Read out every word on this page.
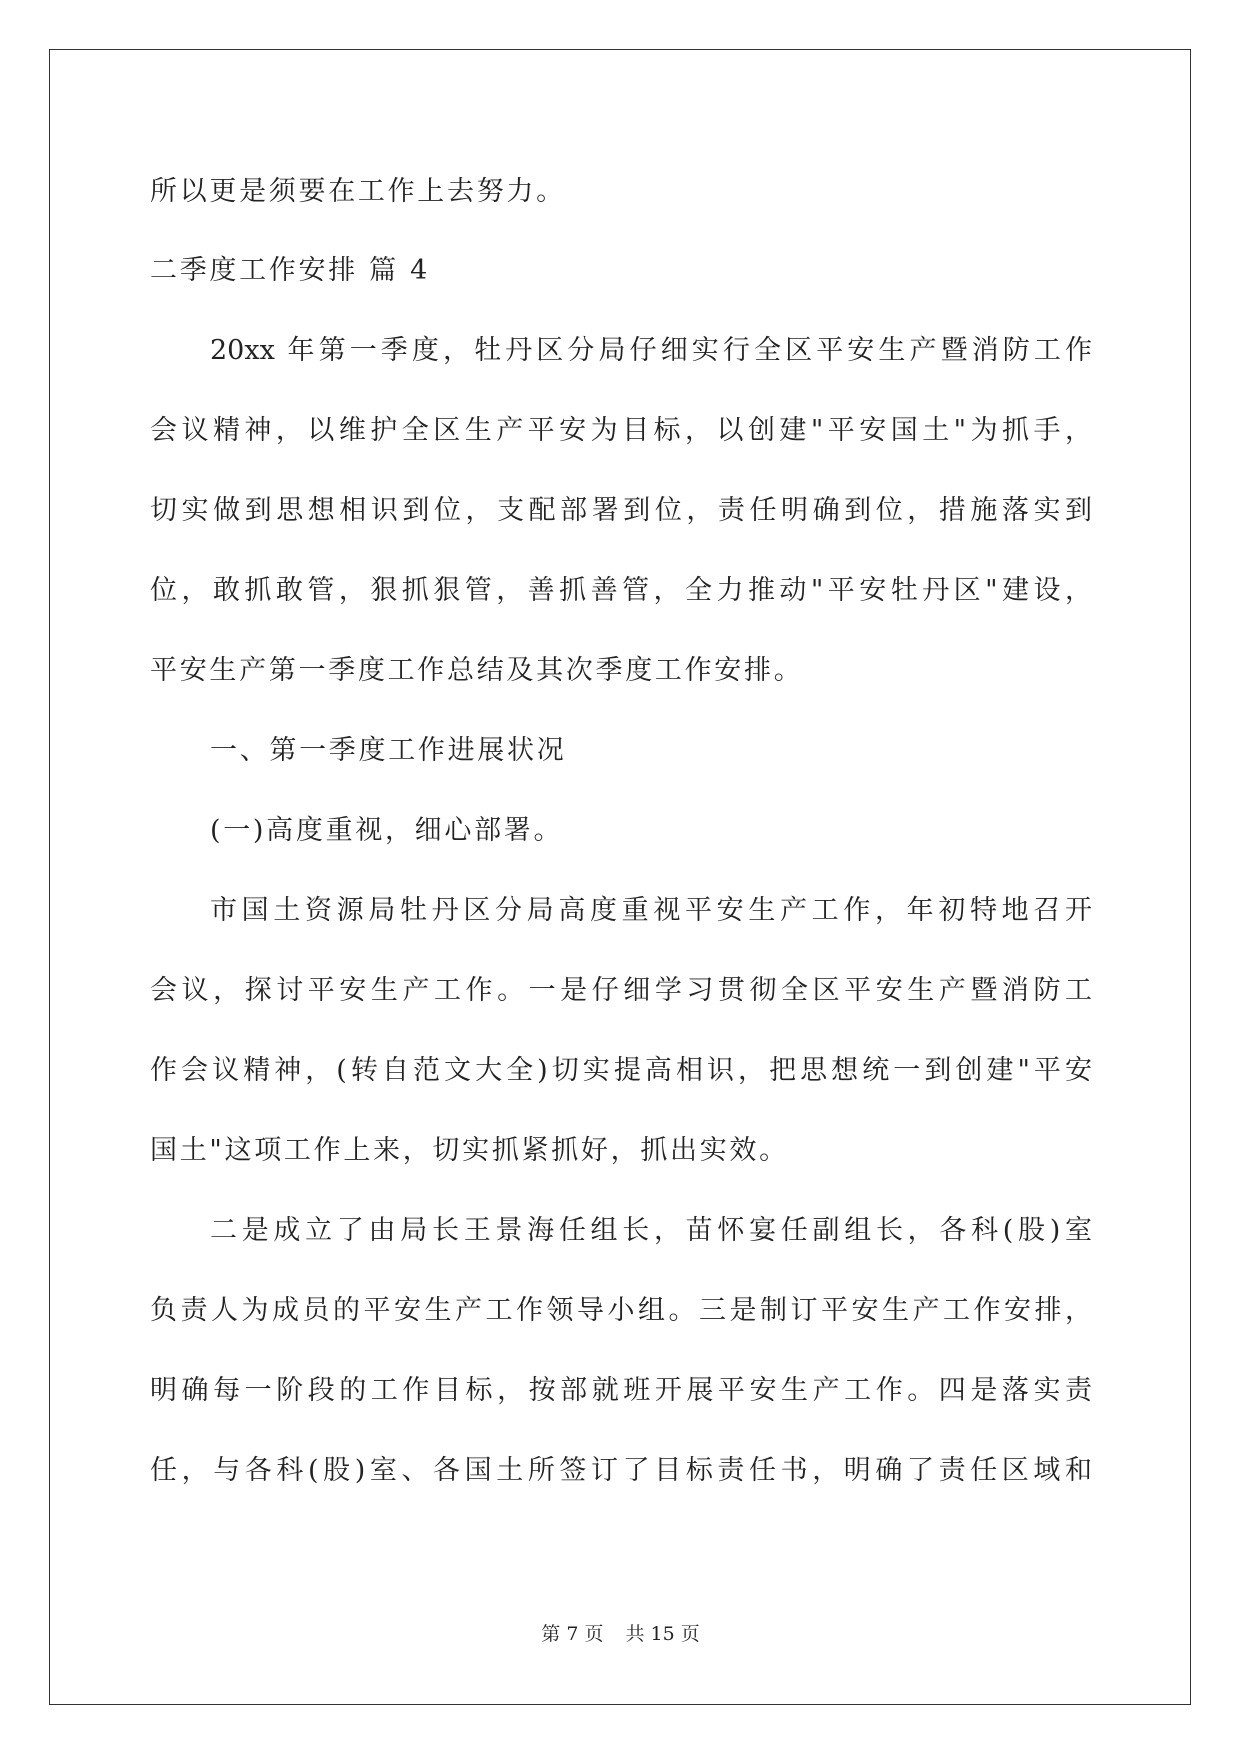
所以更是须要在工作上去努力。
二季度工作安排 篇 4
20xx 年第一季度，牡丹区分局仔细实行全区平安生产暨消防工作
会议精神，以维护全区生产平安为目标，以创建"平安国土"为抓手，
切实做到思想相识到位，支配部署到位，责任明确到位，措施落实到
位，敢抓敢管，狠抓狠管，善抓善管，全力推动"平安牡丹区"建设，
平安生产第一季度工作总结及其次季度工作安排。
一、第一季度工作进展状况
(一)高度重视，细心部署。
市国土资源局牡丹区分局高度重视平安生产工作，年初特地召开
会议，探讨平安生产工作。一是仔细学习贯彻全区平安生产暨消防工
作会议精神，(转自范文大全)切实提高相识，把思想统一到创建"平安
国土"这项工作上来，切实抓紧抓好，抓出实效。
二是成立了由局长王景海任组长，苗怀宴任副组长，各科(股)室
负责人为成员的平安生产工作领导小组。三是制订平安生产工作安排，
明确每一阶段的工作目标，按部就班开展平安生产工作。四是落实责
任，与各科(股)室、各国土所签订了目标责任书，明确了责任区域和
第 7 页 共 15 页
